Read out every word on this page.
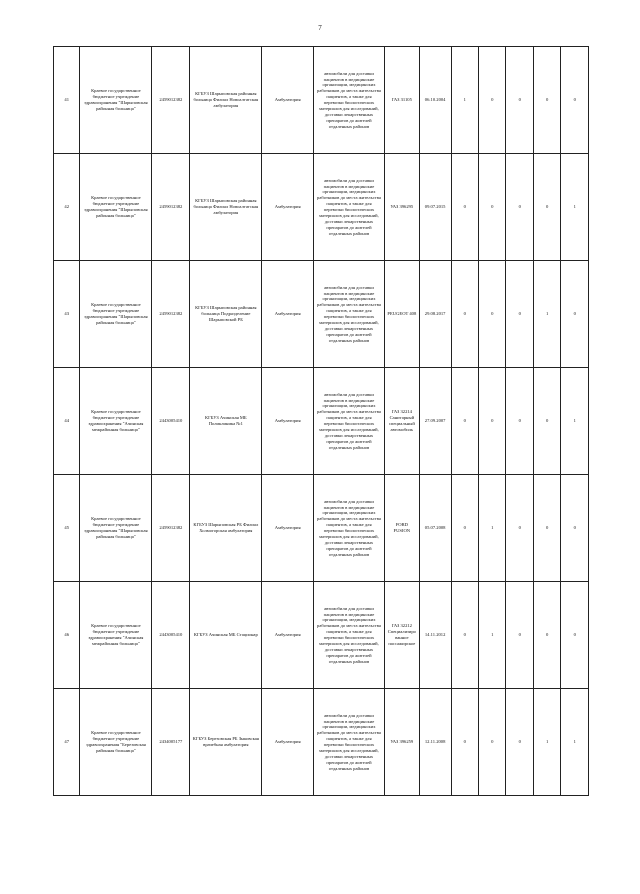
7
41	Краевое государственное бюджетное учреждение здравоохранения "Шарыповская районная больница"	2459012382	КГБУЗ Шарыповская районная больница Филиал Новоалтатская амбулатория	Амбулатория	автомобили для доставки пациентов в медицинские организации, медицинских работников до места жительства пациентов, а также для перевозки биологических материалов для исследований, доставки лекарственных препаратов до жителей отдаленных районов	ГАЗ 31105	06.10.2004	1	0	0	0	0
42	Краевое государственное бюджетное учреждение здравоохранения "Шарыповская районная больница"	2459012382	КГБУЗ Шарыповская районная больница Филиал Новоалтатская амбулатория	Амбулатория	автомобили для доставки пациентов в медицинские организации, медицинских работников до места жительства пациентов, а также для перевозки биологических материалов для исследований, доставки лекарственных препаратов до жителей отдаленных районов	УАЗ 396295	09.07.2015	0	0	0	0	1
43	Краевое государственное бюджетное учреждение здравоохранения "Шарыповская районная больница"	2459012382	КГБУЗ Шарыповская районная больница Подразделение Шарыповской РБ	Амбулатория	автомобили для доставки пациентов в медицинские организации, медицинских работников до места жительства пациентов, а также для перевозки биологических материалов для исследований, доставки лекарственных препаратов до жителей отдаленных районов	PEUGEOT 408	29.08.2017	0	0	0	1	0
44	Краевое государственное бюджетное учреждение здравоохранения "Ачинская межрайонная больница"	2443005410	КГБУЗ Ачинская МБ Поликлиника №1	Амбулатория	автомобили для доставки пациентов в медицинские организации, медицинских работников до места жительства пациентов, а также для перевозки биологических материалов для исследований, доставки лекарственных препаратов до жителей отдаленных районов	ГАЗ 32214 Санитарный специальный автомобиль	27.09.2007	0	0	0	0	1
45	Краевое государственное бюджетное учреждение здравоохранения "Шарыповская районная больница"	2459012382	КГБУЗ Шарыповская РБ Филиал Холмогорская амбулатория	Амбулатория	автомобили для доставки пациентов в медицинские организации, медицинских работников до места жительства пациентов, а также для перевозки биологических материалов для исследований, доставки лекарственных препаратов до жителей отдаленных районов	FORD FUSION	05.07.2008	0	1	0	0	0
46	Краевое государственное бюджетное учреждение здравоохранения "Ачинская межрайонная больница"	2443005410	КГБУЗ Ачинская МБ Стационар	Амбулатория	автомобили для доставки пациентов в медицинские организации, медицинских работников до места жительства пациентов, а также для перевозки биологических материалов для исследований, доставки лекарственных препаратов до жителей отдаленных районов	ГАЗ 32212 Специализированное пассажирское	14.11.2012	0	1	0	0	0
47	Краевое государственное бюджетное учреждение здравоохранения "Березовская районная больница"	2434005177	КГБУЗ Березовская РБ Зыковская врачебная амбулатория	Амбулатория	автомобили для доставки пациентов в медицинские организации, медицинских работников до места жительства пациентов, а также для перевозки биологических материалов для исследований, доставки лекарственных препаратов до жителей отдаленных районов	УАЗ 396259	12.11.2008	0	0	0	1	1
